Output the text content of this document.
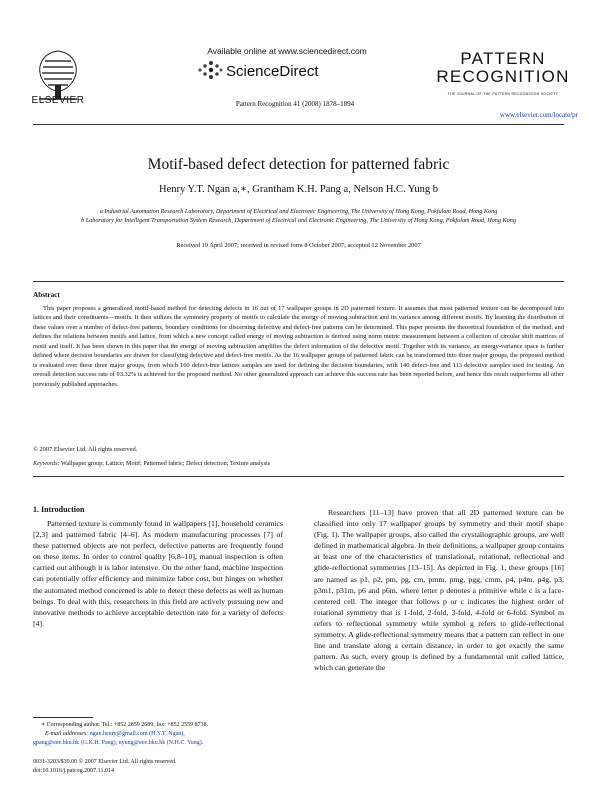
ELSEVIER
Available online at www.sciencedirect.com
ScienceDirect
Pattern Recognition 41 (2008) 1878–1894
PATTERN
RECOGNITION
THE JOURNAL OF THE PATTERN RECOGNITION SOCIETY
www.elsevier.com/locate/pr
Motif-based defect detection for patterned fabric
Henry Y.T. Ngan a,∗, Grantham K.H. Pang a, Nelson H.C. Yung b
a Industrial Automation Research Laboratory, Department of Electrical and Electronic Engineering, The University of Hong Kong, Pokfulam Road, Hong Kong
b Laboratory for Intelligent Transportation System Research, Department of Electrical and Electronic Engineering, The University of Hong Kong, Pokfulam Road, Hong Kong
Received 19 April 2007; received in revised form 8 October 2007; accepted 12 November 2007
Abstract
This paper proposes a generalized motif-based method for detecting defects in 16 out of 17 wallpaper groups in 2D patterned texture. It assumes that most patterned texture can be decomposed into lattices and their constituents—motifs. It then utilizes the symmetry property of motifs to calculate the energy of moving subtraction and its variance among different motifs. By learning the distribution of these values over a number of defect-free patterns, boundary conditions for discerning defective and defect-free patterns can be determined. This paper presents the theoretical foundation of the method, and defines the relations between motifs and lattice, from which a new concept called energy of moving subtraction is derived using norm metric measurement between a collection of circular shift matrices of motif and itself. It has been shown in this paper that the energy of moving subtraction amplifies the defect information of the defective motif. Together with its variance, an energy-variance space is further defined where decision boundaries are drawn for classifying defective and defect-free motifs. As the 16 wallpaper groups of patterned fabric can be transformed into three major groups, the proposed method is evaluated over these three major groups, from which 160 defect-free lattices samples are used for defining the decision boundaries, with 140 defect-free and 113 defective samples used for testing. An overall detection success rate of 93.32% is achieved for the proposed method. No other generalized approach can achieve this success rate has been reported before, and hence this result outperforms all other previously published approaches.
© 2007 Elsevier Ltd. All rights reserved.
Keywords: Wallpaper group; Lattice; Motif; Patterned fabric; Defect detection; Texture analysis
1. Introduction

Patterned texture is commonly found in wallpapers [1], household ceramics [2,3] and patterned fabric [4–6]. As modern manufacturing processes [7] of these patterned objects are not perfect, defective patterns are frequently found on these items. In order to control quality [6,8–10], manual inspection is often carried out although it is labor intensive. On the other hand, machine inspection can potentially offer efficiency and minimize labor cost, but hinges on whether the automated method concerned is able to detect these defects as well as human beings. To deal with this, researchers in this field are actively pursuing new and innovative methods to achieve acceptable detection rate for a variety of defects [4].

Researchers [11–13] have proven that all 2D patterned texture can be classified into only 17 wallpaper groups by symmetry and their motif shape (Fig. 1). The wallpaper groups, also called the crystallographic groups, are well defined in mathematical algebra. In their definitions, a wallpaper group contains at least one of the characteristics of translational, rotational, reflectional and glide-reflectional symmetries [13–15]. As depicted in Fig. 1, these groups [16] are named as p1, p2, pm, pg, cm, pmm, pmg, pgg, cmm, p4, p4m, p4g, p3, p3m1, p31m, p6 and p6m, where letter p denotes a primitive while c is a face-centered cell. The integer that follows p or c indicates the highest order of rotational symmetry that is 1-fold, 2-fold, 3-fold, 4-fold or 6-fold. Symbol m refers to reflectional symmetry while symbol g refers to glide-reflectional symmetry. A glide-reflectional symmetry means that a pattern can reflect in one line and translate along a certain distance, in order to get exactly the same pattern. As such, every group is defined by a fundamental unit called lattice, which can generate the

∗ Corresponding author. Tel.: +852 2859 2689; fax: +852 2559 8738.
E-mail addresses: ngan.henry@gmail.com (H.Y.T. Ngan),
gpang@eee.hku.hk (G.K.H. Pang), nyung@eee.hku.hk (N.H.C. Yung).
0031-3203/$30.00 © 2007 Elsevier Ltd. All rights reserved.
doi:10.1016/j.patcog.2007.11.014
